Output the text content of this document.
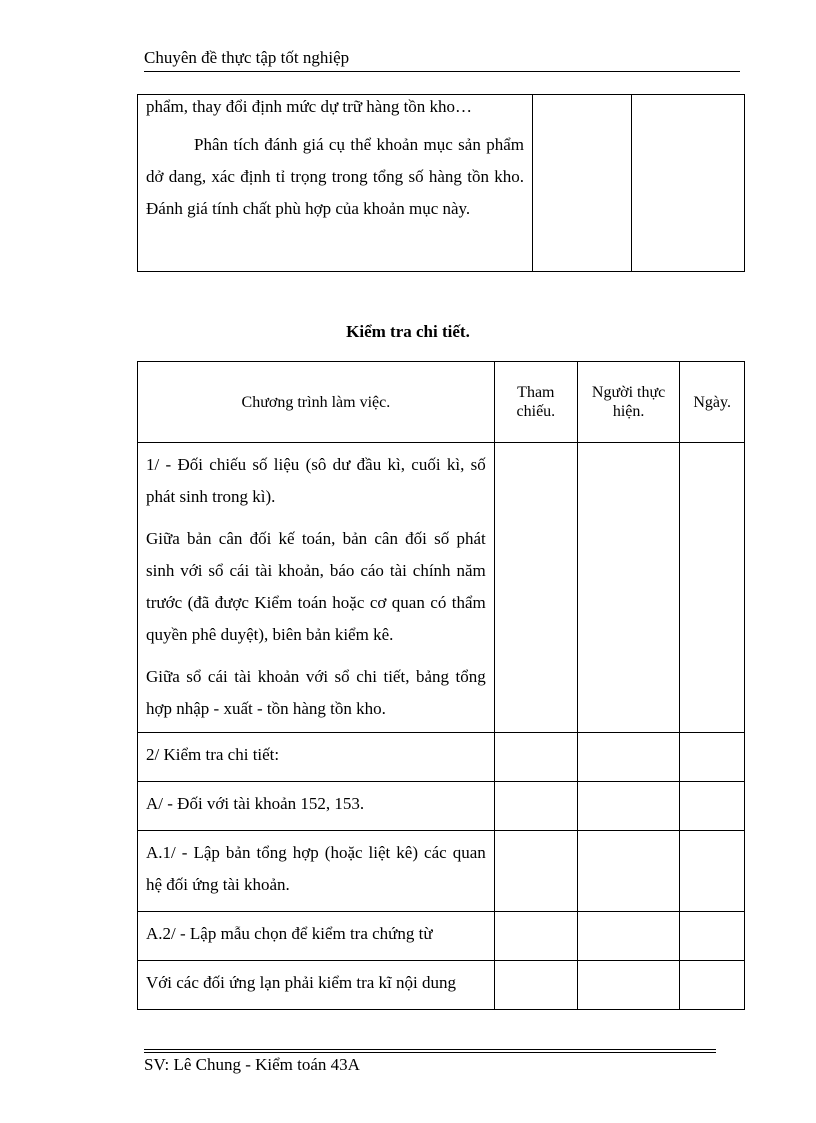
Chuyên đề thực tập tốt nghiệp
phẩm, thay đổi định mức dự trữ hàng tồn kho…
Phân tích đánh giá cụ thể khoản mục sản phẩm dở dang, xác định tỉ trọng trong tổng số hàng tồn kho. Đánh giá tính chất phù hợp của khoản mục này.

Kiểm tra chi tiết.
Chương trình làm việc.	Tham chiếu.	Người thực hiện.	Ngày.

1/ - Đối chiếu số liệu (sô dư đầu kì, cuối kì, số phát sinh trong kì).

Giữa bản cân đối kế toán, bản cân đối số phát sinh với sổ cái tài khoản, báo cáo tài chính năm trước (đã được Kiểm toán hoặc cơ quan có thẩm quyền phê duyệt), biên bản kiểm kê.

Giữa sổ cái tài khoản với sổ chi tiết, bảng tổng hợp nhập - xuất - tồn hàng tồn kho.			

2/ Kiểm tra chi tiết:			

A/ - Đối với tài khoản 152, 153.			

A.1/ - Lập bản tổng hợp (hoặc liệt kê) các quan hệ đối ứng tài khoản.			

A.2/ - Lập mẫu chọn để kiểm tra chứng từ			

Với các đối ứng lạn phải kiểm tra kĩ nội dung			

SV: Lê Chung - Kiểm toán 43A
